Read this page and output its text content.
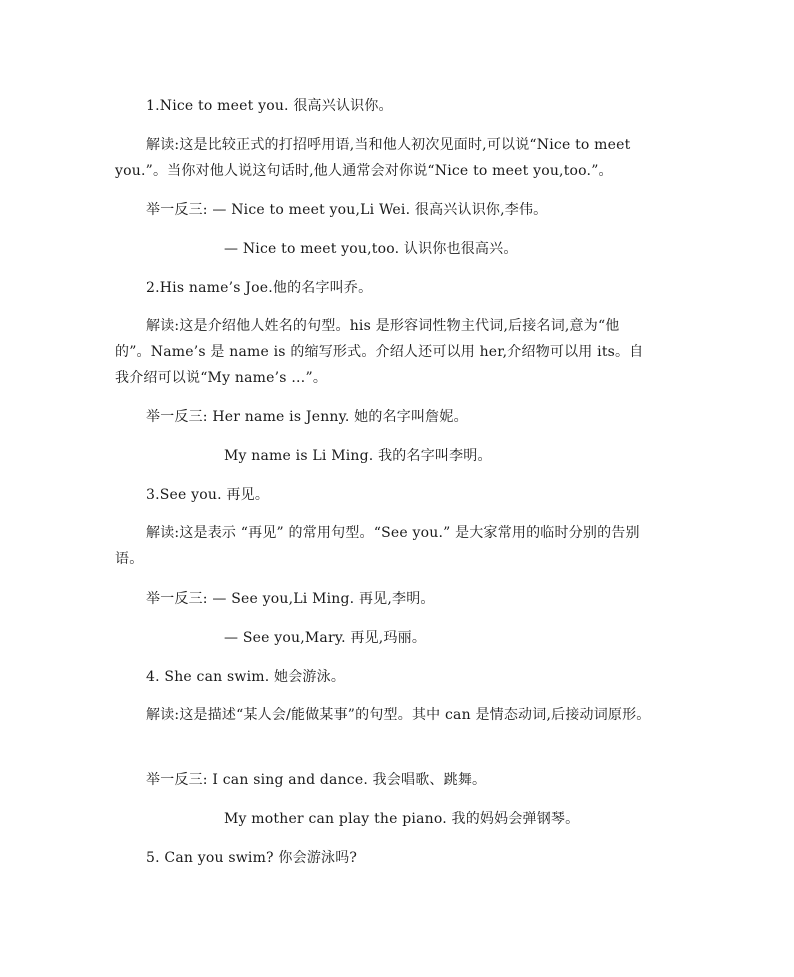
1.Nice to meet you. 很高兴认识你。
解读:这是比较正式的打招呼用语,当和他人初次见面时,可以说“Nice to meet you.”。当你对他人说这句话时,他人通常会对你说“Nice to meet you,too.”。
举一反三: — Nice to meet you,Li Wei. 很高兴认识你,李伟。
— Nice to meet you,too. 认识你也很高兴。
2.His name’s Joe.他的名字叫乔。
解读:这是介绍他人姓名的句型。his 是形容词性物主代词,后接名词,意为“他的”。Name’s 是 name is 的缩写形式。介绍人还可以用 her,介绍物可以用 its。自我介绍可以说“My name’s …”。
举一反三: Her name is Jenny. 她的名字叫詹妮。
My name is Li Ming. 我的名字叫李明。
3.See you. 再见。
解读:这是表示 “再见” 的常用句型。“See you.” 是大家常用的临时分别的告别语。
举一反三: — See you,Li Ming. 再见,李明。
— See you,Mary. 再见,玛丽。
4. She can swim. 她会游泳。
解读:这是描述“某人会/能做某事”的句型。其中 can 是情态动词,后接动词原形。
举一反三: I can sing and dance. 我会唱歌、跳舞。
My mother can play the piano. 我的妈妈会弹钢琴。
5. Can you swim? 你会游泳吗?
